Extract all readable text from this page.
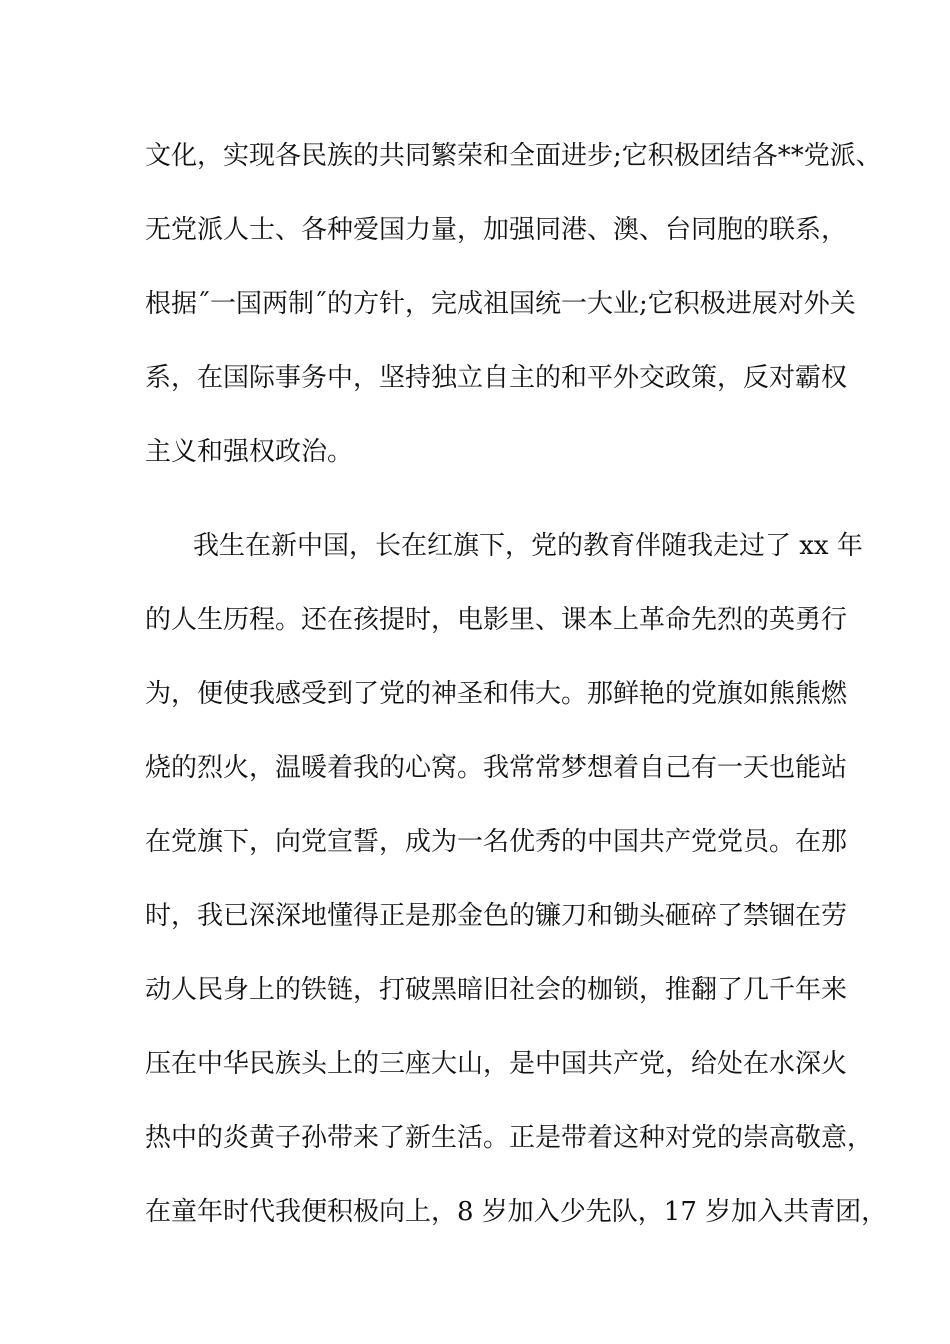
文化，实现各民族的共同繁荣和全面进步;它积极团结各**党派、
无党派人士、各种爱国力量，加强同港、澳、台同胞的联系，
根据˝一国两制˝的方针，完成祖国统一大业;它积极进展对外关
系，在国际事务中，坚持独立自主的和平外交政策，反对霸权
主义和强权政治。
我生在新中国，长在红旗下，党的教育伴随我走过了 xx 年
的人生历程。还在孩提时，电影里、课本上革命先烈的英勇行
为，便使我感受到了党的神圣和伟大。那鲜艳的党旗如熊熊燃
烧的烈火，温暖着我的心窝。我常常梦想着自己有一天也能站
在党旗下，向党宣誓，成为一名优秀的中国共产党党员。在那
时，我已深深地懂得正是那金色的镰刀和锄头砸碎了禁锢在劳
动人民身上的铁链，打破黑暗旧社会的枷锁，推翻了几千年来
压在中华民族头上的三座大山，是中国共产党，给处在水深火
热中的炎黄子孙带来了新生活。正是带着这种对党的崇高敬意，
在童年时代我便积极向上，8 岁加入少先队，17 岁加入共青团，
